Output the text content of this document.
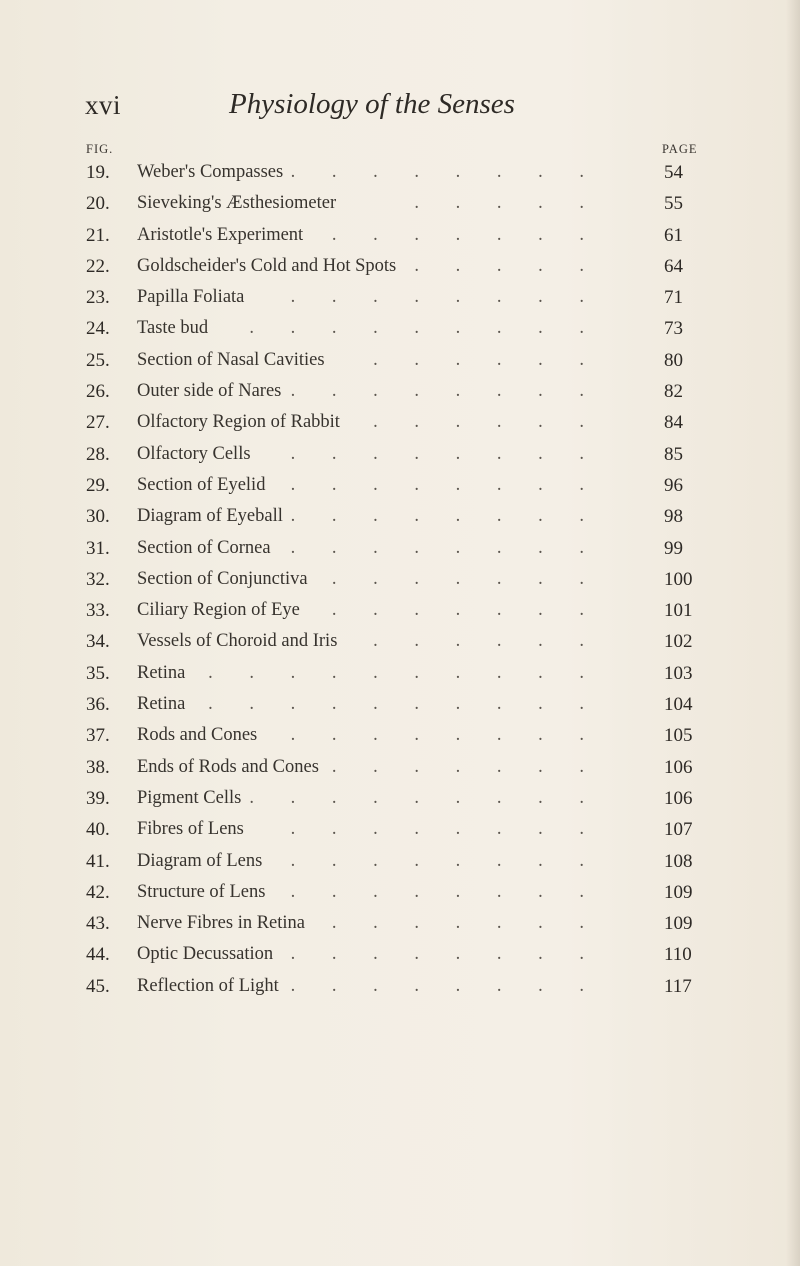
xvi	Physiology of the Senses
FIG.	PAGE
19. Weber's Compasses . . . . . . . .	54
20. Sieveking's Æsthesiometer	. . . . .	55
21. Aristotle's Experiment . . . . . . .	61
22. Goldscheider's Cold and Hot Spots . . . . .	64
23. Papilla Foliata . . . . . . . .	71
24. Taste bud . . . . . . . . .	73
25. Section of Nasal Cavities	. . . . . .	80
26. Outer side of Nares . . . . . . . .	82
27. Olfactory Region of Rabbit . . . . . .	84
28. Olfactory Cells . . . . . . . .	85
29. Section of Eyelid . . . . . . . .	96
30. Diagram of Eyeball . . . . . . . .	98
31. Section of Cornea . . . . . . . .	99
32. Section of Conjunctiva . . . . . . .	100
33. Ciliary Region of Eye . . . . . . .	101
34. Vessels of Choroid and Iris . . . . . .	102
35. Retina . . . . . . . . . .	103
36. Retina . . . . . . . . . .	104
37. Rods and Cones . . . . . . . .	105
38. Ends of Rods and Cones . . . . . . .	106
39. Pigment Cells . . . . . . . . .	106
40. Fibres of Lens	. . . . . . . .	107
41. Diagram of Lens . . . . . . . .	108
42. Structure of Lens . . . . . . . .	109
43. Nerve Fibres in Retina . . . . . . .	109
44. Optic Decussation . . . . . . . .	110
45. Reflection of Light . . . . . . . .	117
